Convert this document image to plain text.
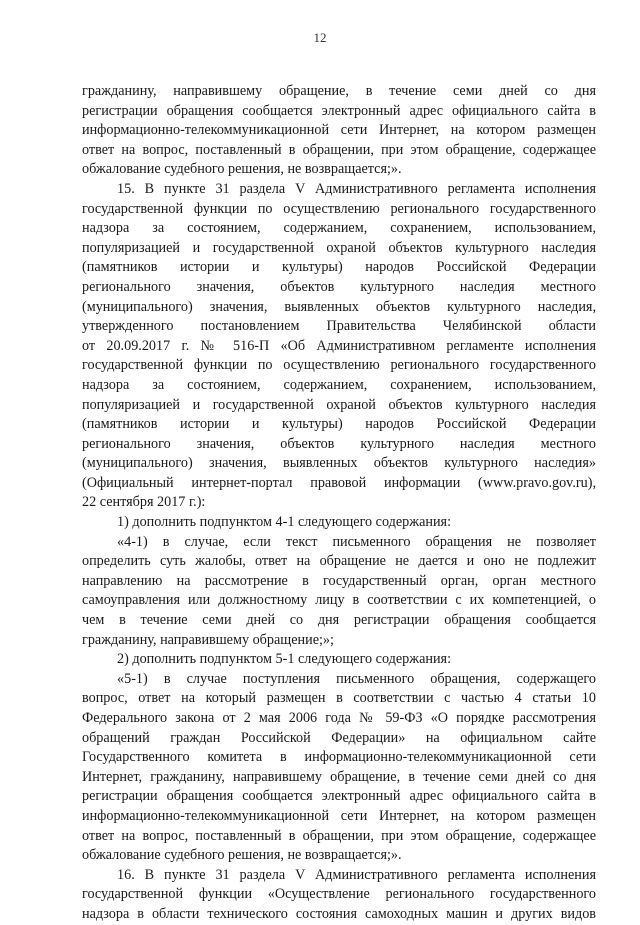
12
гражданину, направившему обращение, в течение семи дней со дня
регистрации обращения сообщается электронный адрес официального сайта в
информационно-телекоммуникационной сети Интернет, на котором размещен
ответ на вопрос, поставленный в обращении, при этом обращение, содержащее
обжалование судебного решения, не возвращается;».
15. В пункте 31 раздела V Административного регламента исполнения
государственной функции по осуществлению регионального государственного
надзора за состоянием, содержанием, сохранением, использованием,
популяризацией и государственной охраной объектов культурного наследия
(памятников истории и культуры) народов Российской Федерации
регионального значения, объектов культурного наследия местного
(муниципального) значения, выявленных объектов культурного наследия,
утвержденного постановлением Правительства Челябинской области
от 20.09.2017 г. № 516-П «Об Административном регламенте исполнения
государственной функции по осуществлению регионального государственного
надзора за состоянием, содержанием, сохранением, использованием,
популяризацией и государственной охраной объектов культурного наследия
(памятников истории и культуры) народов Российской Федерации
регионального значения, объектов культурного наследия местного
(муниципального) значения, выявленных объектов культурного наследия»
(Официальный интернет-портал правовой информации (www.pravo.gov.ru),
22 сентября 2017 г.):
1) дополнить подпунктом 4-1 следующего содержания:
«4-1) в случае, если текст письменного обращения не позволяет
определить суть жалобы, ответ на обращение не дается и оно не подлежит
направлению на рассмотрение в государственный орган, орган местного
самоуправления или должностному лицу в соответствии с их компетенцией, о
чем в течение семи дней со дня регистрации обращения сообщается
гражданину, направившему обращение;»;
2) дополнить подпунктом 5-1 следующего содержания:
«5-1) в случае поступления письменного обращения, содержащего
вопрос, ответ на который размещен в соответствии с частью 4 статьи 10
Федерального закона от 2 мая 2006 года № 59-ФЗ «О порядке рассмотрения
обращений граждан Российской Федерации» на официальном сайте
Государственного комитета в информационно-телекоммуникационной сети
Интернет, гражданину, направившему обращение, в течение семи дней со дня
регистрации обращения сообщается электронный адрес официального сайта в
информационно-телекоммуникационной сети Интернет, на котором размещен
ответ на вопрос, поставленный в обращении, при этом обращение, содержащее
обжалование судебного решения, не возвращается;».
16. В пункте 31 раздела V Административного регламента исполнения
государственной функции «Осуществление регионального государственного
надзора в области технического состояния самоходных машин и других видов
